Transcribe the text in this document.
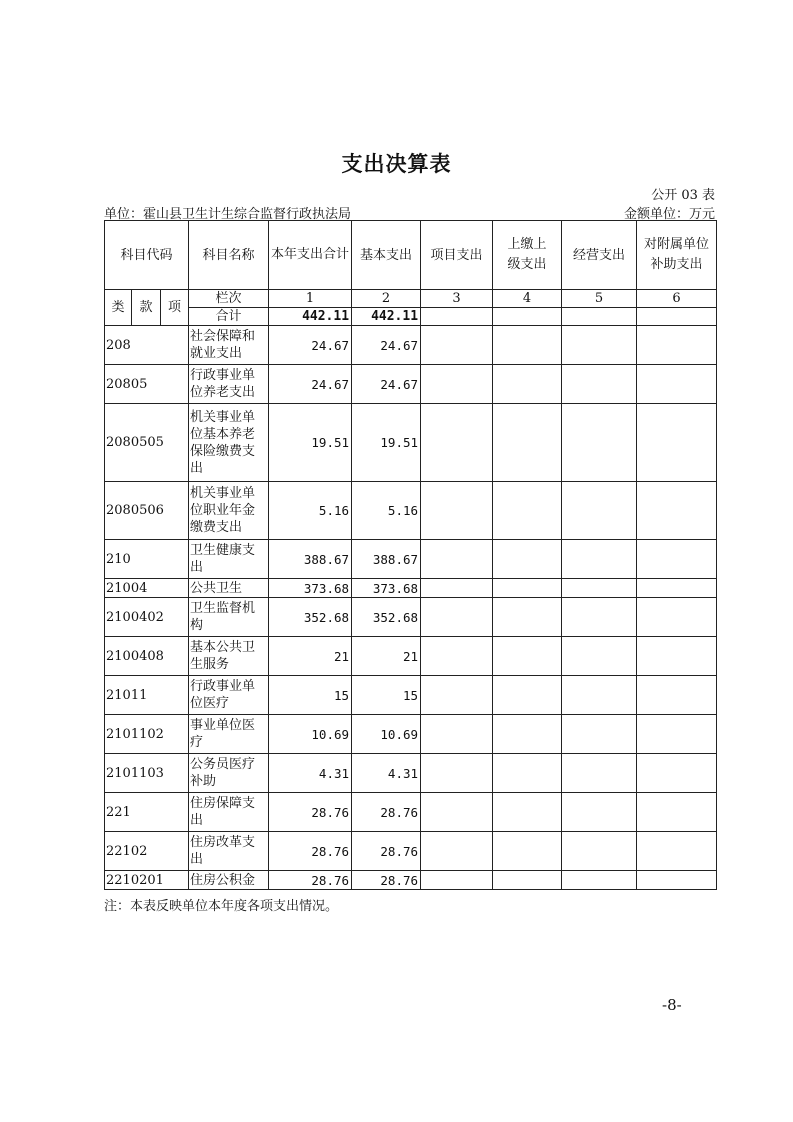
支出决算表
公开 03 表
单位：霍山县卫生计生综合监督行政执法局	金额单位：万元
科目代码			科目名称	本年支出合计	基本支出	项目支出	上缴上级支出	经营支出	对附属单位补助支出
类	款	项	栏次	1	2	3	4	5	6
			合计	442.11	442.11				
208			社会保障和就业支出	24.67	24.67				
20805			行政事业单位养老支出	24.67	24.67				
2080505			机关事业单位基本养老保险缴费支出	19.51	19.51				
2080506			机关事业单位职业年金缴费支出	5.16	5.16				
210			卫生健康支出	388.67	388.67				
21004			公共卫生	373.68	373.68				
2100402			卫生监督机构	352.68	352.68				
2100408			基本公共卫生服务	21	21				
21011			行政事业单位医疗	15	15				
2101102			事业单位医疗	10.69	10.69				
2101103			公务员医疗补助	4.31	4.31				
221			住房保障支出	28.76	28.76				
22102			住房改革支出	28.76	28.76				
2210201			住房公积金	28.76	28.76				
注：本表反映单位本年度各项支出情况。
-8-
